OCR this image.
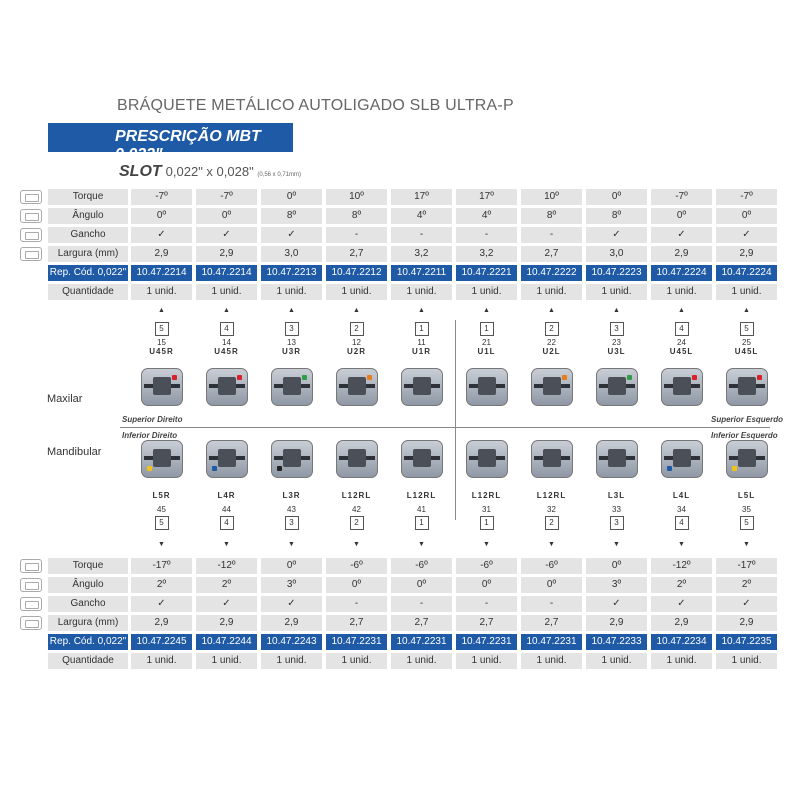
BRÁQUETE METÁLICO AUTOLIGADO SLB ULTRA-P
PRESCRIÇÃO MBT 0,022"
SLOT 0,022" x 0,028" (0,56 x 0,71mm)
Torque	-7º	-7º	0º	10º	17º	17º	10º	0º	-7º	-7º
Ângulo	0º	0º	8º	8º	4º	4º	8º	8º	0º	0º
Gancho	✓	✓	✓	-	-	-	-	✓	✓	✓
Largura (mm)	2,9	2,9	3,0	2,7	3,2	3,2	2,7	3,0	2,9	2,9
Rep. Cód. 0,022"	10.47.2214	10.47.2214	10.47.2213	10.47.2212	10.47.2211	10.47.2221	10.47.2222	10.47.2223	10.47.2224	10.47.2224
Quantidade	1 unid.	1 unid.	1 unid.	1 unid.	1 unid.	1 unid.	1 unid.	1 unid.	1 unid.	1 unid.
Torque	-17º	-12º	0º	-6º	-6º	-6º	-6º	0º	-12º	-17º
Ângulo	2º	2º	3º	0º	0º	0º	0º	3º	2º	2º
Gancho	✓	✓	✓	-	-	-	-	✓	✓	✓
Largura (mm)	2,9	2,9	2,9	2,7	2,7	2,7	2,7	2,9	2,9	2,9
Rep. Cód. 0,022"	10.47.2245	10.47.2244	10.47.2243	10.47.2231	10.47.2231	10.47.2231	10.47.2231	10.47.2233	10.47.2234	10.47.2235
Quantidade	1 unid.	1 unid.	1 unid.	1 unid.	1 unid.	1 unid.	1 unid.	1 unid.	1 unid.	1 unid.
Maxilar
Mandibular
Superior Direito	Superior Esquerdo
Inferior Direito	Inferior Esquerdo
▲
5
15
U45R
▲
4
14
U45R
▲
3
13
U3R
▲
2
12
U2R
▲
1
11
U1R
▲
1
21
U1L
▲
2
22
U2L
▲
3
23
U3L
▲
4
24
U45L
▲
5
25
U45L
L5R
45
5
▼
L4R
44
4
▼
L3R
43
3
▼
L12RL
42
2
▼
L12RL
41
1
▼
L12RL
31
1
▼
L12RL
32
2
▼
L3L
33
3
▼
L4L
34
4
▼
L5L
35
5
▼
